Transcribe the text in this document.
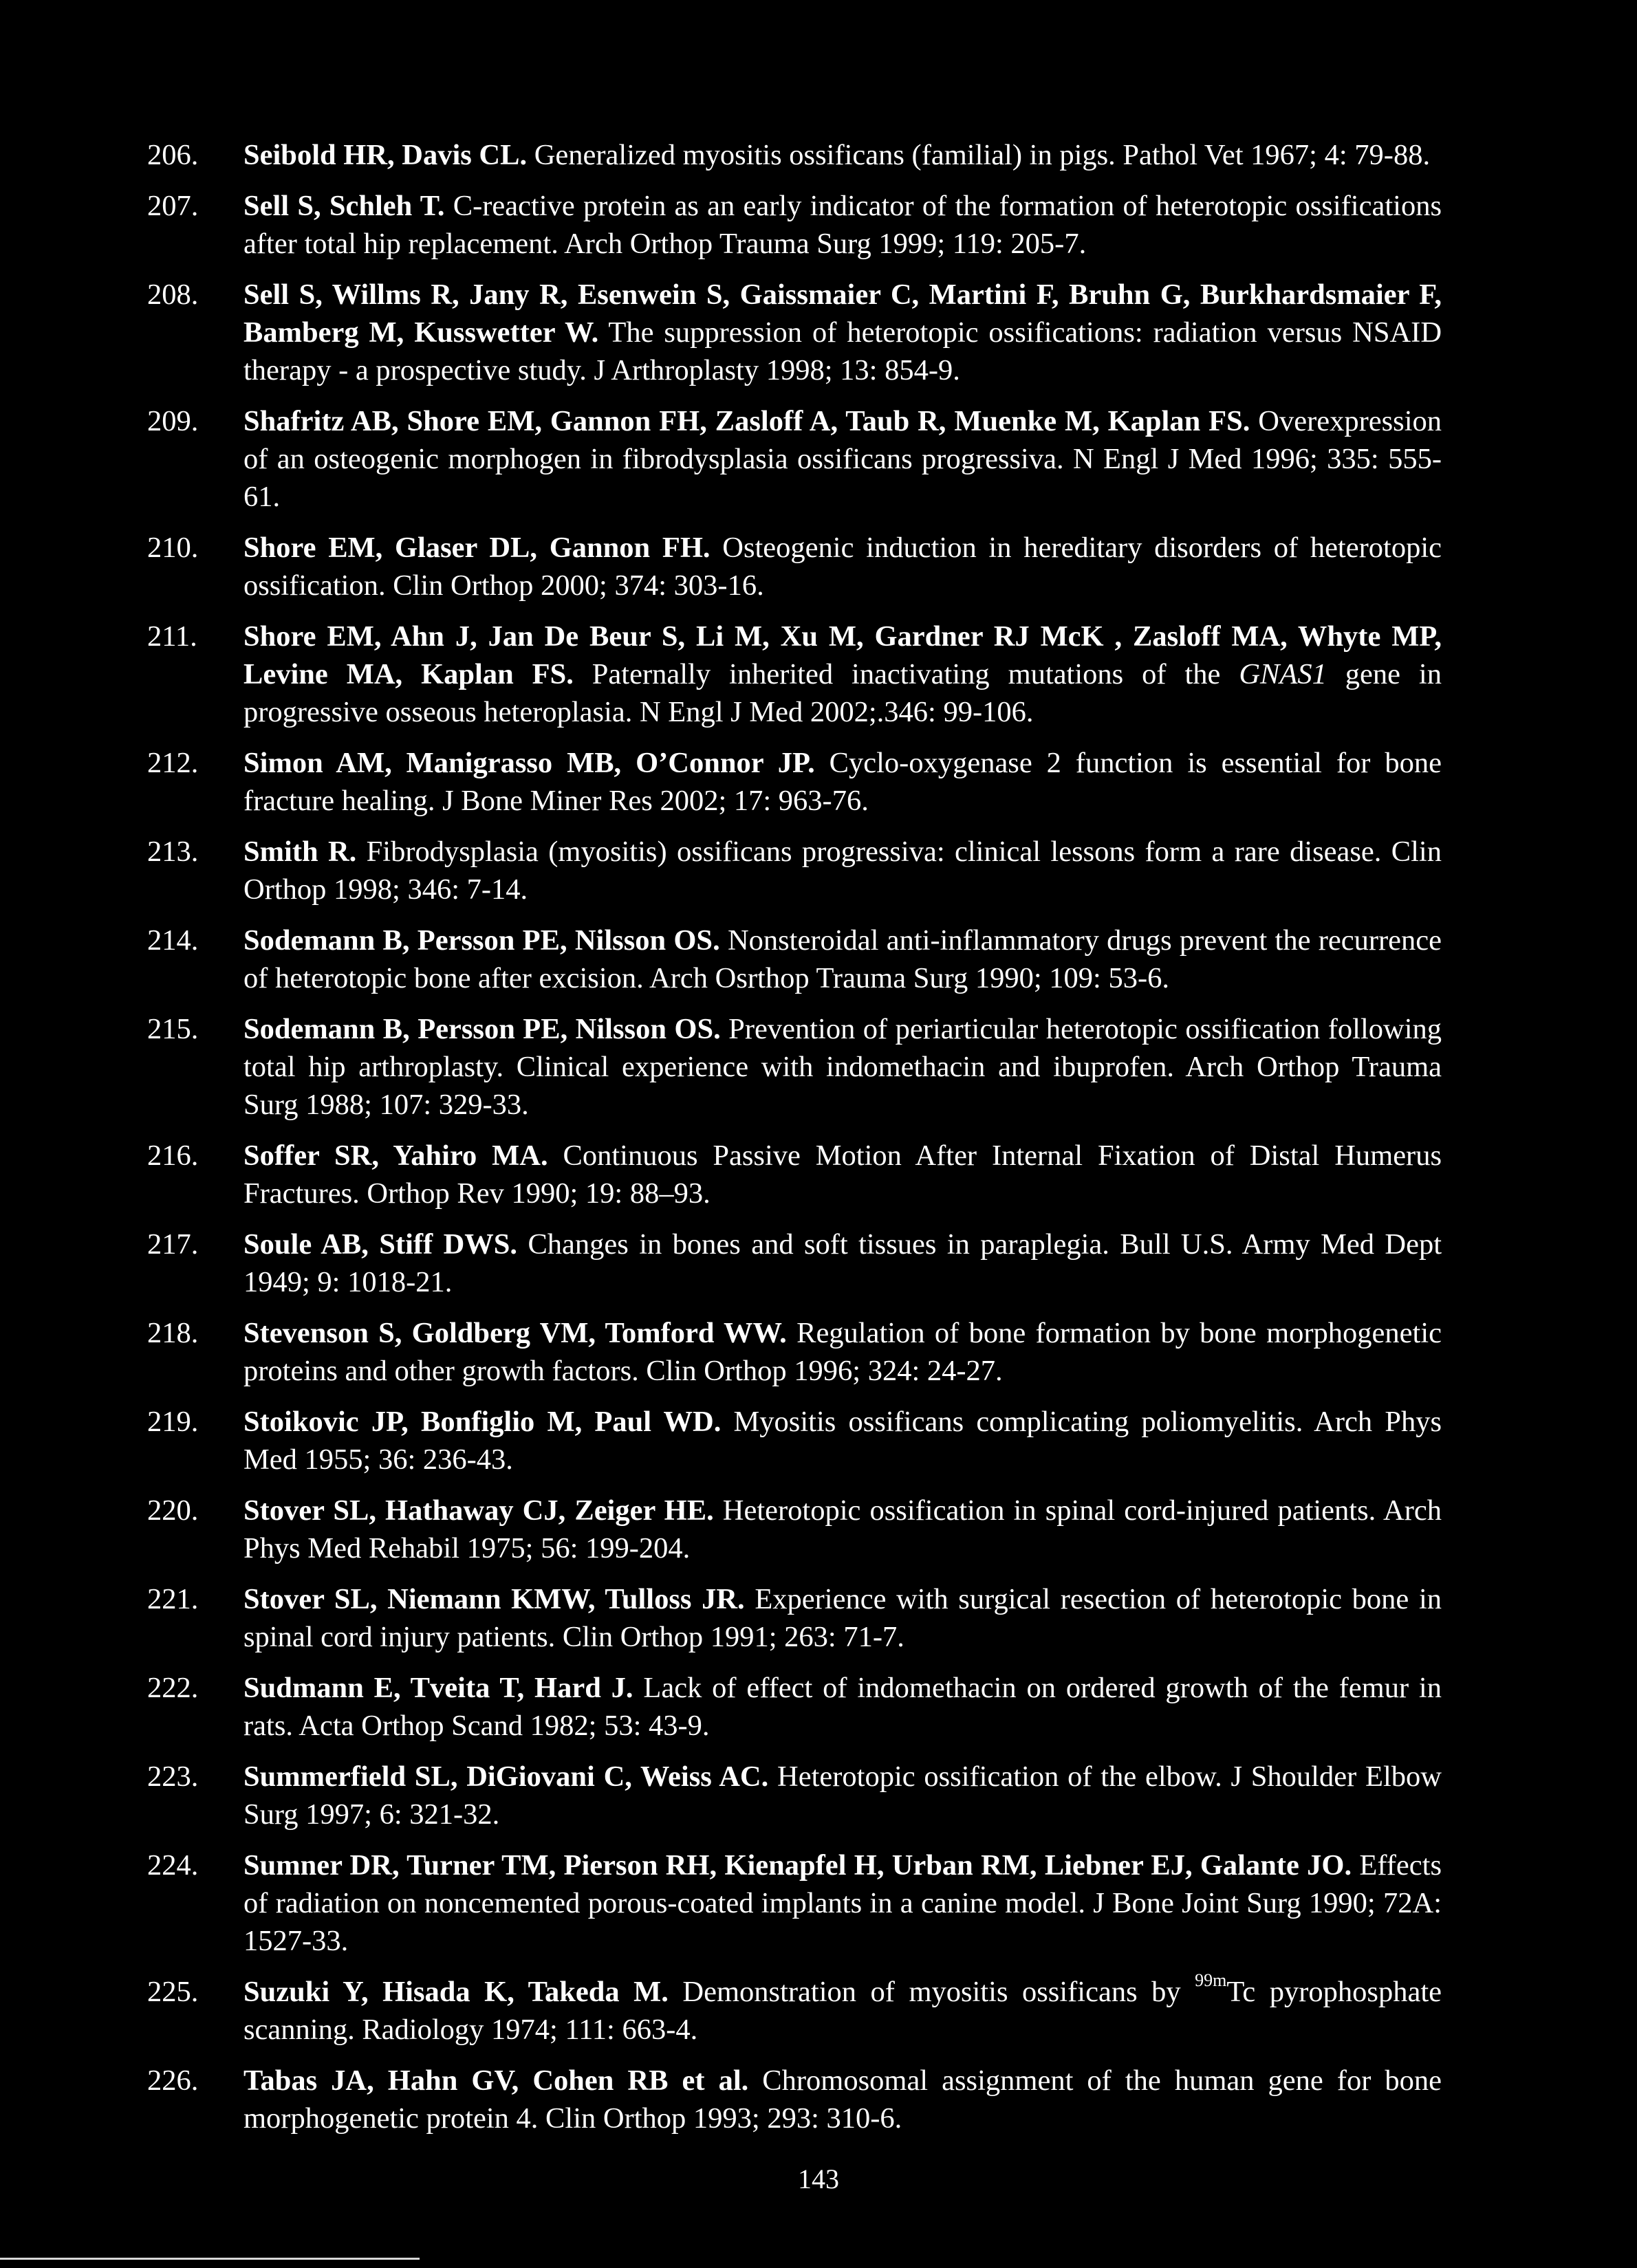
206. Seibold HR, Davis CL. Generalized myositis ossificans (familial) in pigs. Pathol Vet 1967; 4: 79-88.
207. Sell S, Schleh T. C-reactive protein as an early indicator of the formation of heterotopic ossifications after total hip replacement. Arch Orthop Trauma Surg 1999; 119: 205-7.
208. Sell S, Willms R, Jany R, Esenwein S, Gaissmaier C, Martini F, Bruhn G, Burkhardsmaier F, Bamberg M, Kusswetter W. The suppression of heterotopic ossifications: radiation versus NSAID therapy - a prospective study. J Arthroplasty 1998; 13: 854-9.
209. Shafritz AB, Shore EM, Gannon FH, Zasloff A, Taub R, Muenke M, Kaplan FS. Overexpression of an osteogenic morphogen in fibrodysplasia ossificans progressiva. N Engl J Med 1996; 335: 555-61.
210. Shore EM, Glaser DL, Gannon FH. Osteogenic induction in hereditary disorders of heterotopic ossification. Clin Orthop 2000; 374: 303-16.
211. Shore EM, Ahn J, Jan De Beur S, Li M, Xu M, Gardner RJ McK , Zasloff MA, Whyte MP, Levine MA, Kaplan FS. Paternally inherited inactivating mutations of the GNAS1 gene in progressive osseous heteroplasia. N Engl J Med 2002;.346: 99-106.
212. Simon AM, Manigrasso MB, O’Connor JP. Cyclo-oxygenase 2 function is essential for bone fracture healing. J Bone Miner Res 2002; 17: 963-76.
213. Smith R. Fibrodysplasia (myositis) ossificans progressiva: clinical lessons form a rare disease. Clin Orthop 1998; 346: 7-14.
214. Sodemann B, Persson PE, Nilsson OS. Nonsteroidal anti-inflammatory drugs prevent the recurrence of heterotopic bone after excision. Arch Osrthop Trauma Surg 1990; 109: 53-6.
215. Sodemann B, Persson PE, Nilsson OS. Prevention of periarticular heterotopic ossification following total hip arthroplasty. Clinical experience with indomethacin and ibuprofen. Arch Orthop Trauma Surg 1988; 107: 329-33.
216. Soffer SR, Yahiro MA. Continuous Passive Motion After Internal Fixation of Distal Humerus Fractures. Orthop Rev 1990; 19: 88–93.
217. Soule AB, Stiff DWS. Changes in bones and soft tissues in paraplegia. Bull U.S. Army Med Dept 1949; 9: 1018-21.
218. Stevenson S, Goldberg VM, Tomford WW. Regulation of bone formation by bone morphogenetic proteins and other growth factors. Clin Orthop 1996; 324: 24-27.
219. Stoikovic JP, Bonfiglio M, Paul WD. Myositis ossificans complicating poliomyelitis. Arch Phys Med 1955; 36: 236-43.
220. Stover SL, Hathaway CJ, Zeiger HE. Heterotopic ossification in spinal cord-injured patients. Arch Phys Med Rehabil 1975; 56: 199-204.
221. Stover SL, Niemann KMW, Tulloss JR. Experience with surgical resection of heterotopic bone in spinal cord injury patients. Clin Orthop 1991; 263: 71-7.
222. Sudmann E, Tveita T, Hard J. Lack of effect of indomethacin on ordered growth of the femur in rats. Acta Orthop Scand 1982; 53: 43-9.
223. Summerfield SL, DiGiovani C, Weiss AC. Heterotopic ossification of the elbow. J Shoulder Elbow Surg 1997; 6: 321-32.
224. Sumner DR, Turner TM, Pierson RH, Kienapfel H, Urban RM, Liebner EJ, Galante JO. Effects of radiation on noncemented porous-coated implants in a canine model. J Bone Joint Surg 1990; 72A: 1527-33.
225. Suzuki Y, Hisada K, Takeda M. Demonstration of myositis ossificans by $^{99m}$Tc pyrophosphate scanning. Radiology 1974; 111: 663-4.
226. Tabas JA, Hahn GV, Cohen RB et al. Chromosomal assignment of the human gene for bone morphogenetic protein 4. Clin Orthop 1993; 293: 310-6.
143
